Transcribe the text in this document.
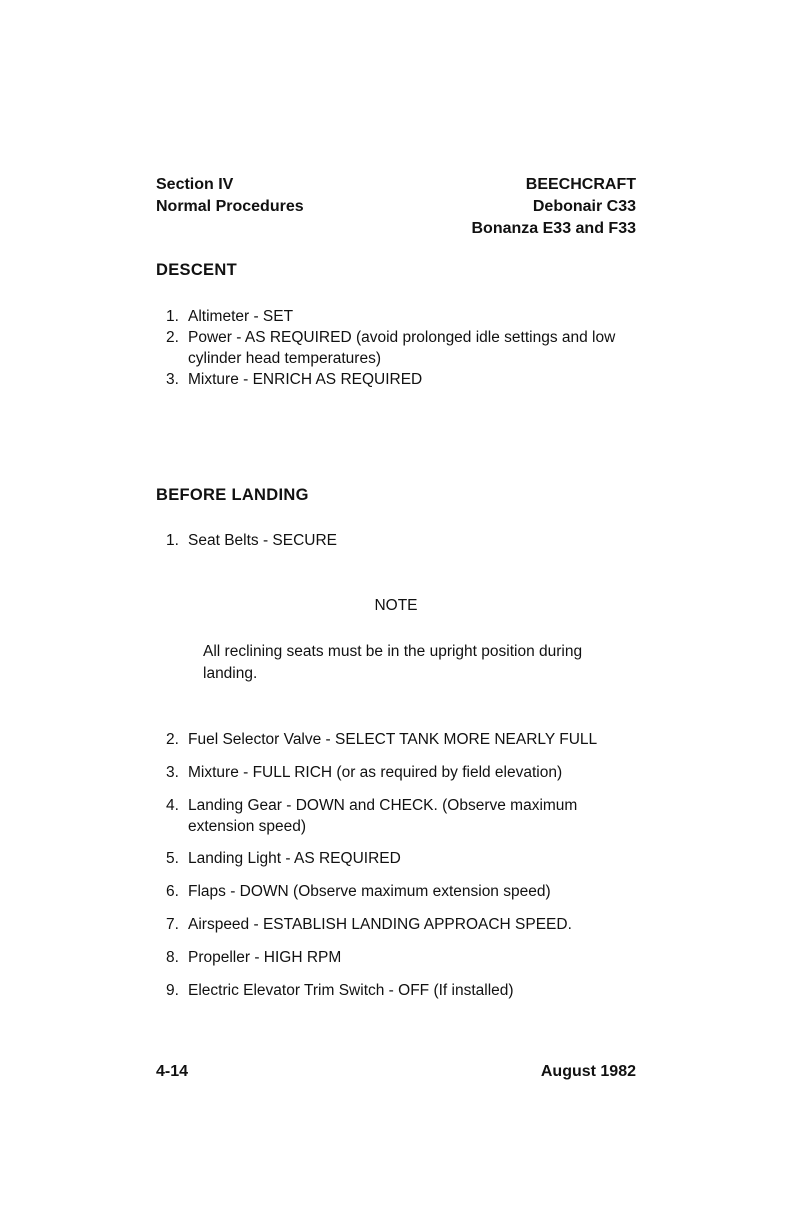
Section IV
Normal Procedures
BEECHCRAFT
Debonair C33
Bonanza E33 and F33
DESCENT
1. Altimeter - SET
2. Power - AS REQUIRED (avoid prolonged idle settings and low cylinder head temperatures)
3. Mixture - ENRICH AS REQUIRED
BEFORE LANDING
1. Seat Belts - SECURE
NOTE
All reclining seats must be in the upright position during landing.
2. Fuel Selector Valve - SELECT TANK MORE NEARLY FULL
3. Mixture - FULL RICH (or as required by field elevation)
4. Landing Gear - DOWN and CHECK. (Observe maximum extension speed)
5. Landing Light - AS REQUIRED
6. Flaps - DOWN (Observe maximum extension speed)
7. Airspeed - ESTABLISH LANDING APPROACH SPEED.
8. Propeller - HIGH RPM
9. Electric Elevator Trim Switch - OFF (If installed)
4-14	August 1982
